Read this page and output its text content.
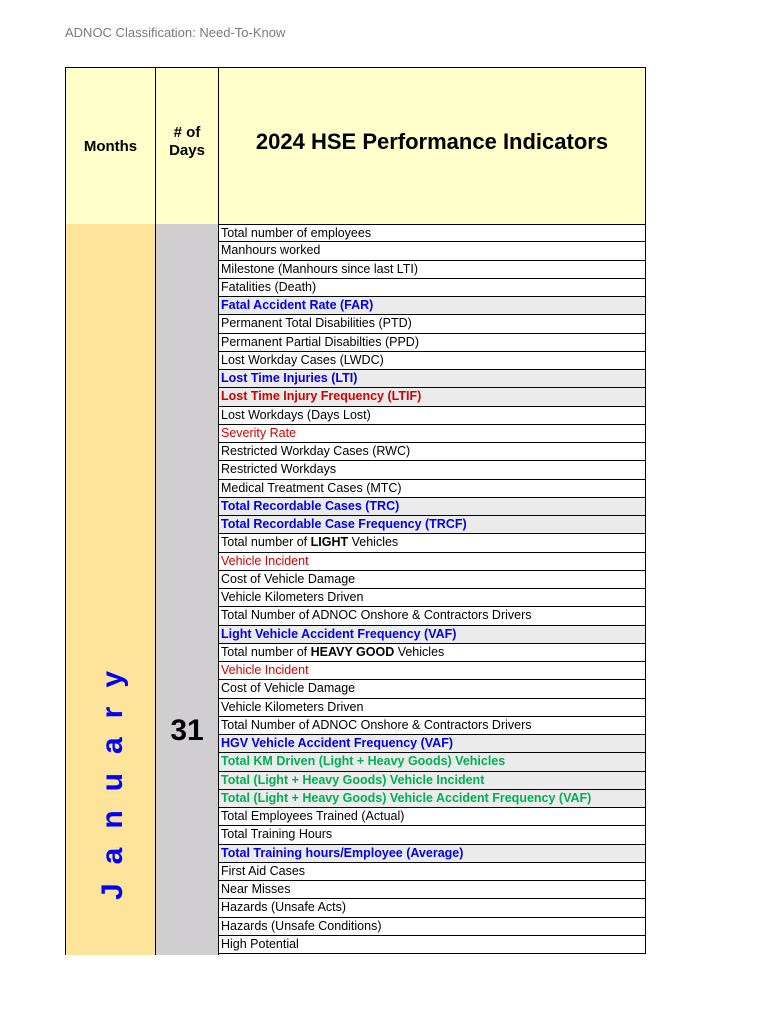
ADNOC Classification: Need-To-Know
Months
# of
Days	2024 HSE Performance Indicators
January	31
Total number of employees
Manhours worked
Milestone (Manhours since last LTI)
Fatalities (Death)
Fatal Accident Rate (FAR)
Permanent Total Disabilities (PTD)
Permanent Partial Disabilties (PPD)
Lost Workday Cases (LWDC)
Lost Time Injuries (LTI)
Lost Time Injury Frequency (LTIF)
Lost Workdays (Days Lost)
Severity Rate
Restricted Workday Cases (RWC)
Restricted Workdays
Medical Treatment Cases (MTC)
Total Recordable Cases (TRC)
Total Recordable Case Frequency (TRCF)
Total number of LIGHT Vehicles
Vehicle Incident
Cost of Vehicle Damage
Vehicle Kilometers Driven
Total Number of ADNOC Onshore & Contractors Drivers
Light Vehicle Accident Frequency (VAF)
Total number of HEAVY GOOD Vehicles
Vehicle Incident
Cost of Vehicle Damage
Vehicle Kilometers Driven
Total Number of ADNOC Onshore & Contractors Drivers
HGV Vehicle Accident Frequency (VAF)
Total KM Driven (Light + Heavy Goods) Vehicles
Total (Light + Heavy Goods) Vehicle Incident
Total (Light + Heavy Goods) Vehicle Accident Frequency (VAF)
Total Employees Trained (Actual)
Total Training Hours
Total Training hours/Employee (Average)
First Aid Cases
Near Misses
Hazards (Unsafe Acts)
Hazards (Unsafe Conditions)
High Potential
